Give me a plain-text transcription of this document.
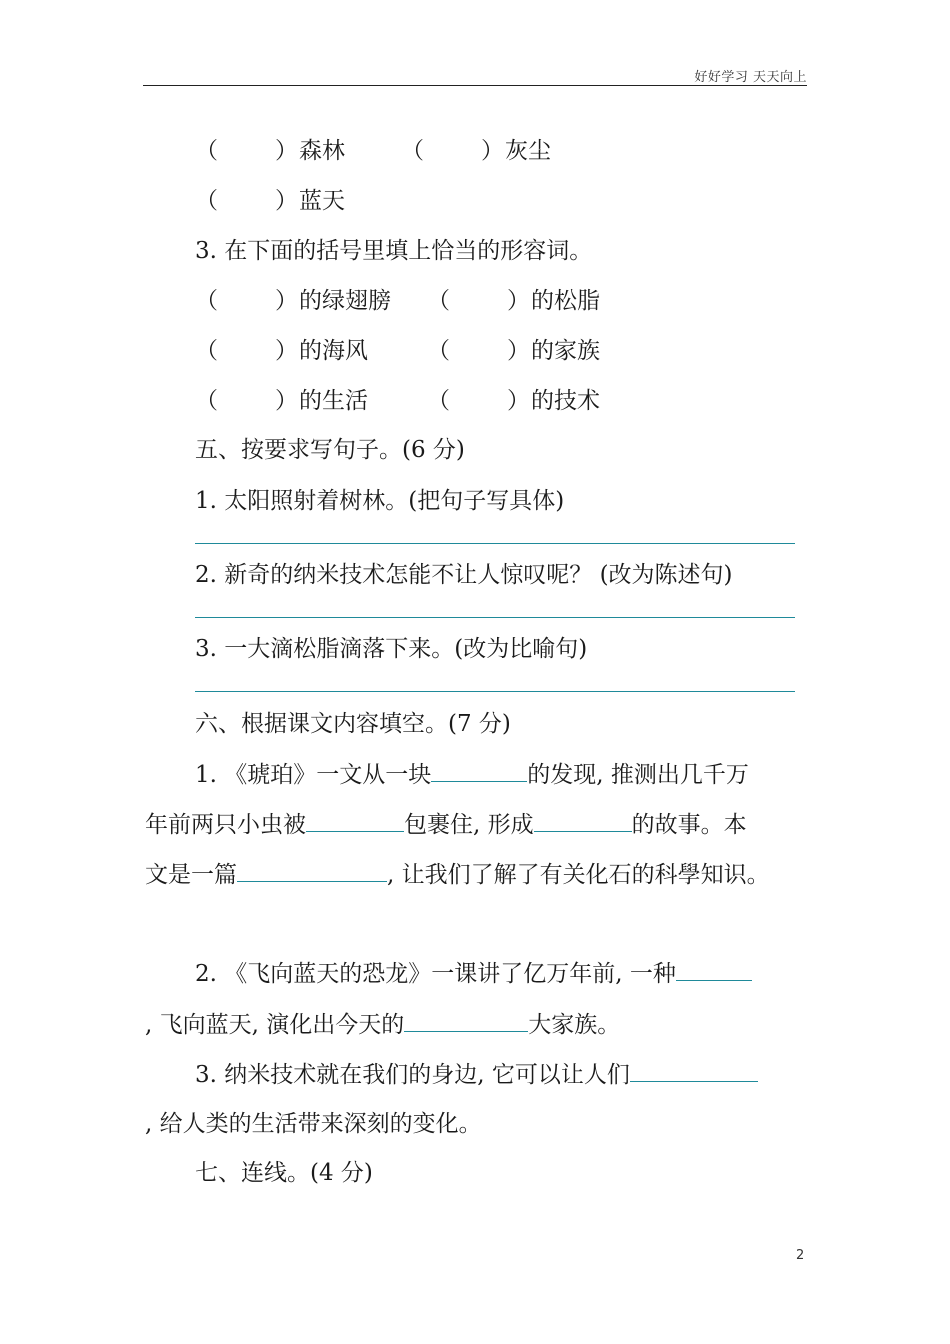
好好学习 天天向上
（ ） 森林 （ ） 灰尘
（ ） 蓝天
3. 在下面的括号里填上恰当的形容词。
（ ） 的绿翅膀 （ ） 的松脂
（ ） 的海风	（ ） 的家族
（ ） 的生活	（ ） 的技术
五、按要求写句子。(6 分)
1. 太阳照射着树林。(把句子写具体)
2. 新奇的纳米技术怎能不让人惊叹呢？ (改为陈述句)
3. 一大滴松脂滴落下来。(改为比喻句)
六、根据课文内容填空。(7 分)
1. 《琥珀》一文从一块	的发现, 推测出几千万
年前两只小虫被	包裹住, 形成	的故事。本
文是一篇	, 让我们了解了有关化石的科學知识。
2. 《飞向蓝天的恐龙》一课讲了亿万年前, 一种
, 飞向蓝天, 演化出今天的	大家族。
3. 纳米技术就在我们的身边, 它可以让人们
, 给人类的生活带来深刻的变化。
七、连线。(4 分)
2
